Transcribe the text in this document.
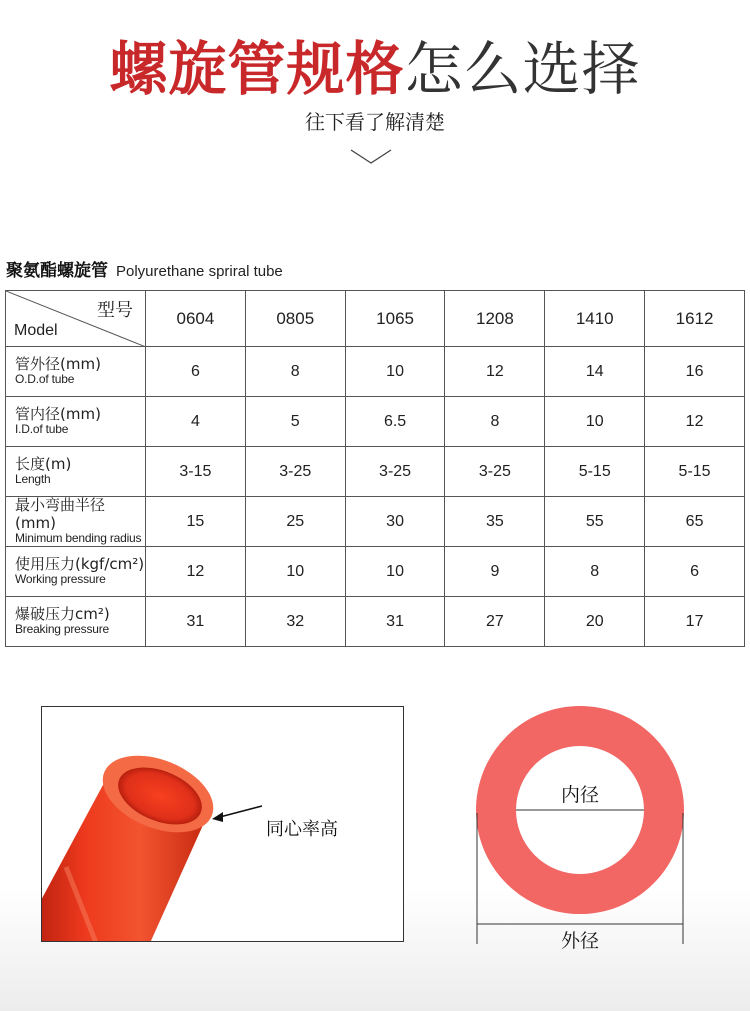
螺旋管规格怎么选择
往下看了解清楚
聚氨酯螺旋管 Polyurethane spriral tube
型号
Model	0604	0805	1065	1208	1410	1612

管外径(mm)
O.D.of tube	6	8	10	12	14	16

管内径(mm)
I.D.of tube	4	5	6.5	8	10	12

长度(m)
Length	3-15	3-25	3-25	3-25	5-15	5-15

最小弯曲半径(mm)
Minimum bending radius	15	25	30	35	55	65

使用压力(kgf/cm²)
Working pressure	12	10	10	9	8	6

爆破压力cm²)
Breaking pressure	31	32	31	27	20	17
同心率高
内径
外径
